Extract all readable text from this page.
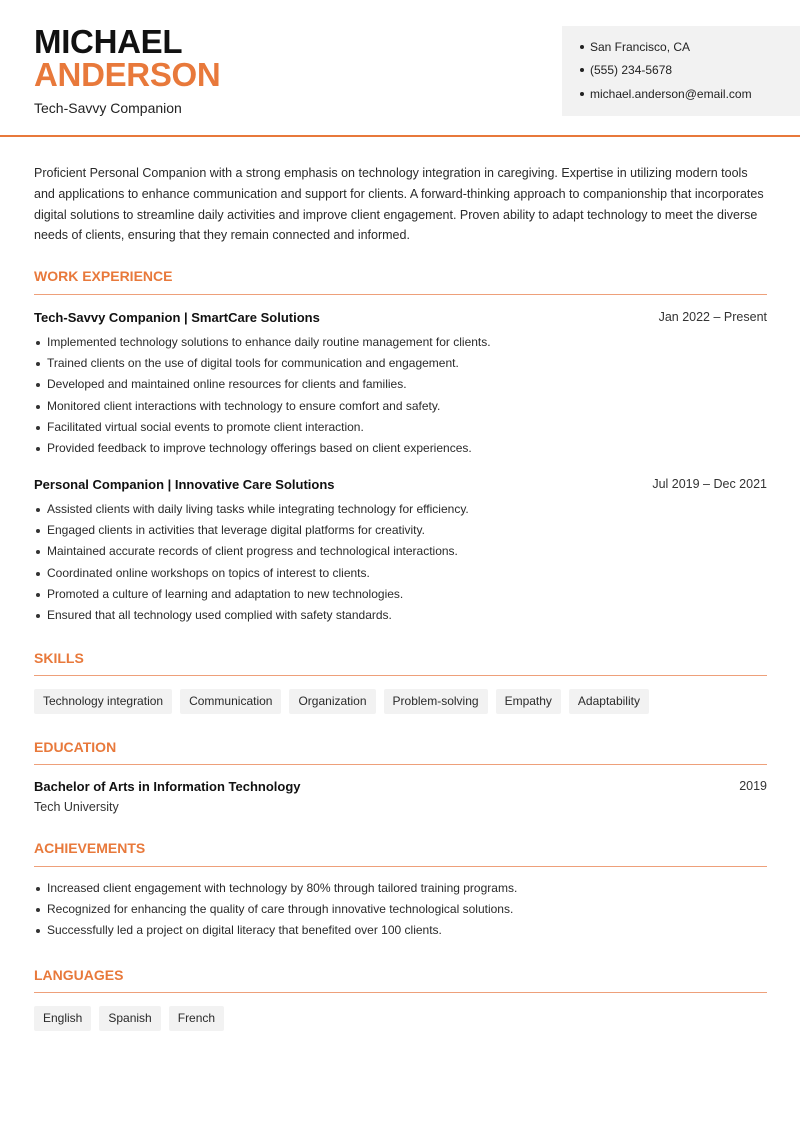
MICHAEL
ANDERSON
Tech-Savvy Companion
San Francisco, CA
(555) 234-5678
michael.anderson@email.com

Proficient Personal Companion with a strong emphasis on technology integration in caregiving. Expertise in utilizing modern tools and applications to enhance communication and support for clients. A forward-thinking approach to companionship that incorporates digital solutions to streamline daily activities and improve client engagement. Proven ability to adapt technology to meet the diverse needs of clients, ensuring that they remain connected and informed.

WORK EXPERIENCE
Tech-Savvy Companion | SmartCare Solutions	Jan 2022 – Present
Implemented technology solutions to enhance daily routine management for clients.
Trained clients on the use of digital tools for communication and engagement.
Developed and maintained online resources for clients and families.
Monitored client interactions with technology to ensure comfort and safety.
Facilitated virtual social events to promote client interaction.
Provided feedback to improve technology offerings based on client experiences.
Personal Companion | Innovative Care Solutions	Jul 2019 – Dec 2021
Assisted clients with daily living tasks while integrating technology for efficiency.
Engaged clients in activities that leverage digital platforms for creativity.
Maintained accurate records of client progress and technological interactions.
Coordinated online workshops on topics of interest to clients.
Promoted a culture of learning and adaptation to new technologies.
Ensured that all technology used complied with safety standards.
SKILLS
Technology integration	Communication	Organization	Problem-solving	Empathy	Adaptability
EDUCATION
Bachelor of Arts in Information Technology	2019
Tech University
ACHIEVEMENTS
Increased client engagement with technology by 80% through tailored training programs.
Recognized for enhancing the quality of care through innovative technological solutions.
Successfully led a project on digital literacy that benefited over 100 clients.
LANGUAGES
English	Spanish	French
